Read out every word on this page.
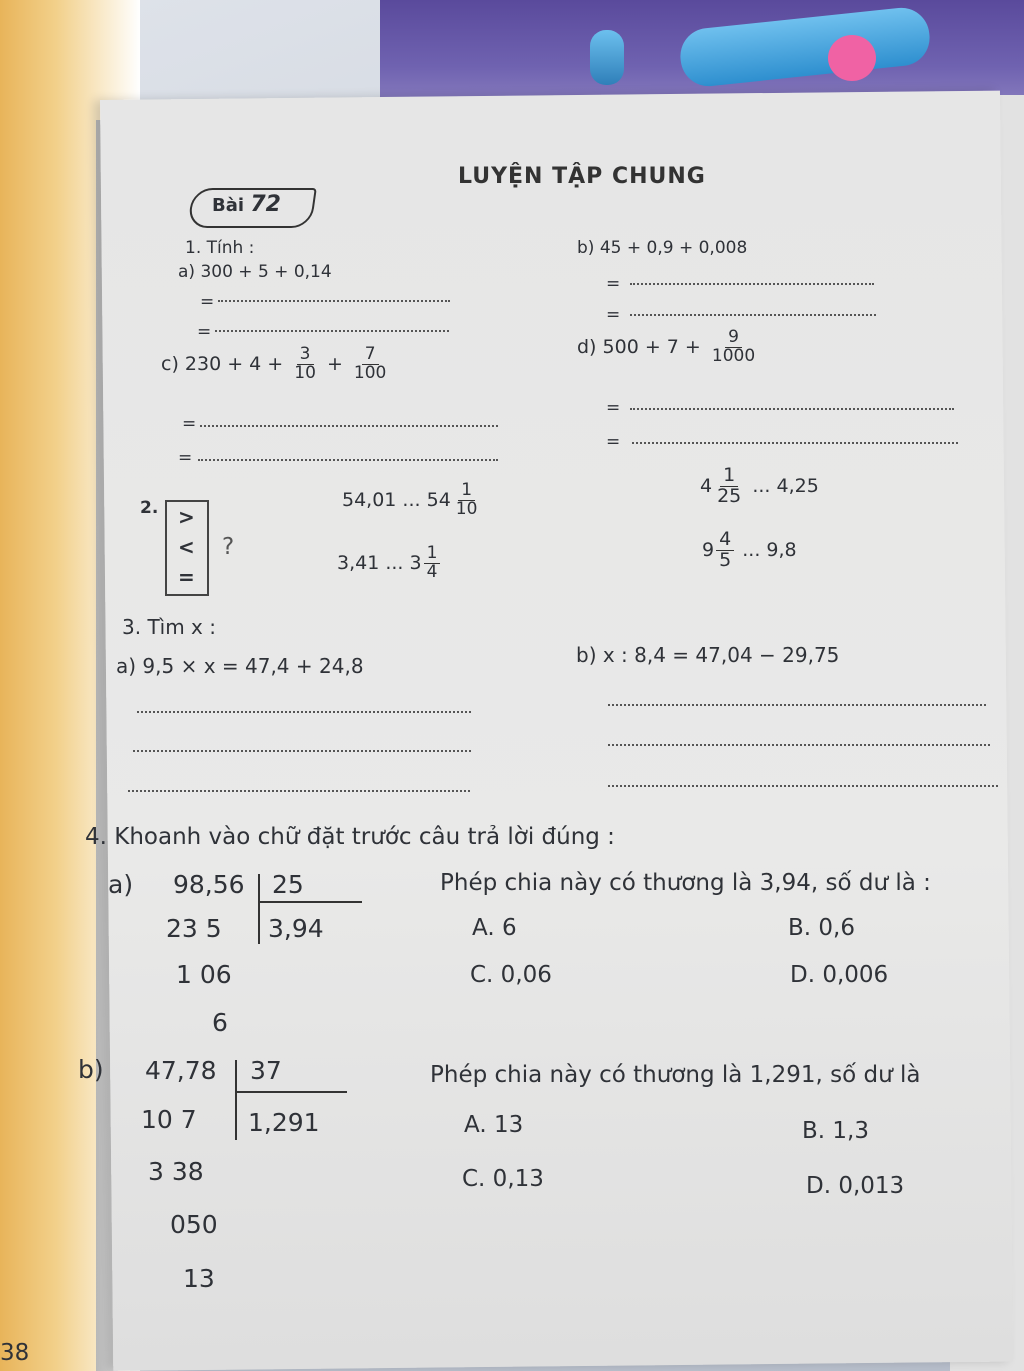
Bài 72
LUYỆN TẬP CHUNG
1. Tính :
a) 300 + 5 + 0,14
=
=
b) 45 + 0,9 + 0,008
=
=
c) $230 + 4 + \frac{3}{10} + \frac{7}{100}$
=
=
d) $500 + 7 + \frac{9}{1000}$
=
=
2. >
<
=
?
54,01 ... $54 \frac{1}{10}$	$4 \frac{1}{25}$ ... 4,25
3,41 ... $3 \frac{1}{4}$	$9 \frac{4}{5}$ ... 9,8
3. Tìm x :
a) 9,5 × x = 47,4 + 24,8	b) x : 8,4 = 47,04 − 29,75
4. Khoanh vào chữ đặt trước câu trả lời đúng :
a) 98,56 25
3,94
23 5
1 06
6
Phép chia này có thương là 3,94, số dư là :
A. 6	B. 0,6
C. 0,06	D. 0,006
b) 47,78 37
1,291
10 7
3 38
050
13
Phép chia này có thương là 1,291, số dư là
A. 13	B. 1,3
C. 0,13	D. 0,013
38
